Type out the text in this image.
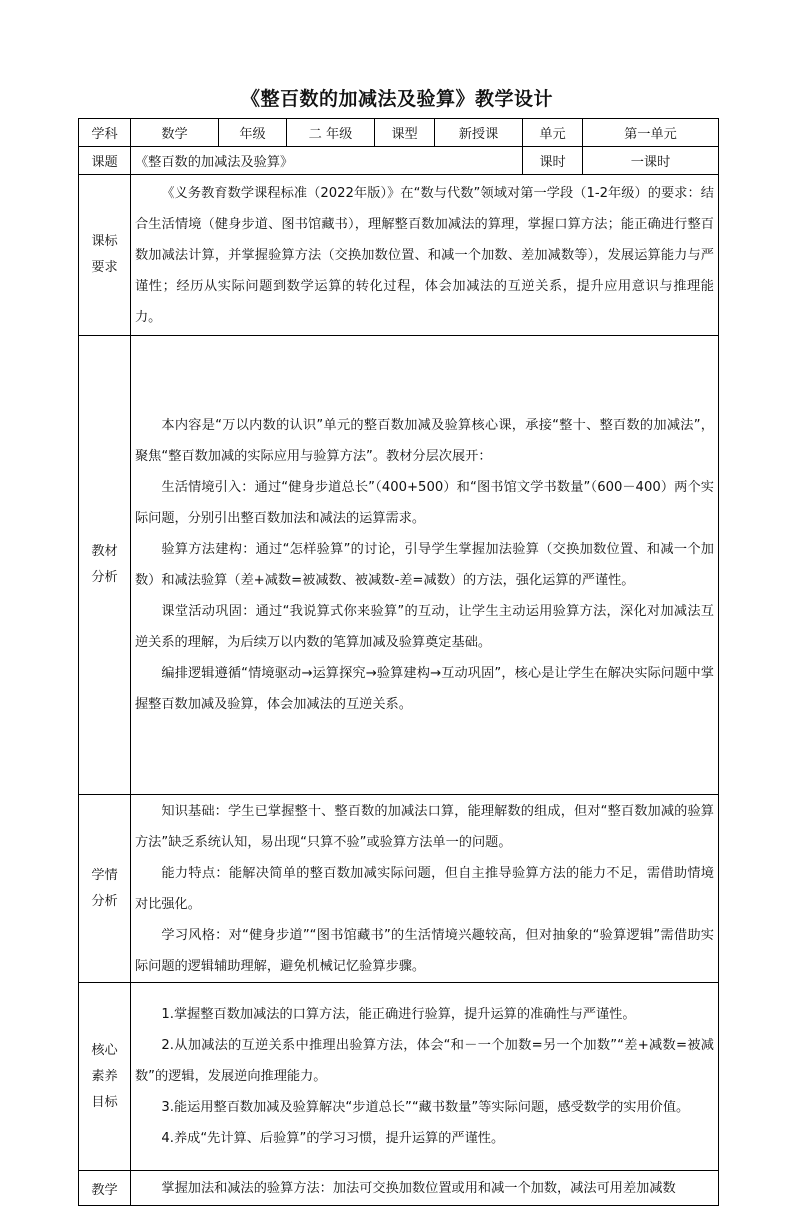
《整百数的加减法及验算》教学设计
学科	数学	年级	二 年级	课型	新授课	单元	第一单元
课题	《整百数的加减法及验算》					课时	一课时

课标要求	《义务教育数学课程标准（2022年版）》在“数与代数”领域对第一学段（1-2年级）的要求：结合生活情境（健身步道、图书馆藏书），理解整百数加减法的算理，掌握口算方法；能正确进行整百数加减法计算，并掌握验算方法（交换加数位置、和减一个加数、差加减数等），发展运算能力与严谨性；经历从实际问题到数学运算的转化过程，体会加减法的互逆关系，提升应用意识与推理能力。						

教材分析	本内容是“万以内数的认识”单元的整百数加减及验算核心课，承接“整十、整百数的加减法”，聚焦“整百数加减的实际应用与验算方法”。教材分层次展开：

生活情境引入：通过“健身步道总长”（400+500）和“图书馆文学书数量”（600－400）两个实际问题，分别引出整百数加法和减法的运算需求。

验算方法建构：通过“怎样验算”的讨论，引导学生掌握加法验算（交换加数位置、和减一个加数）和减法验算（差+减数=被减数、被减数-差=减数）的方法，强化运算的严谨性。

课堂活动巩固：通过“我说算式你来验算”的互动，让学生主动运用验算方法，深化对加减法互逆关系的理解，为后续万以内数的笔算加减及验算奠定基础。

编排逻辑遵循“情境驱动→运算探究→验算建构→互动巩固”，核心是让学生在解决实际问题中掌握整百数加减及验算，体会加减法的互逆关系。						

学情分析	知识基础：学生已掌握整十、整百数的加减法口算，能理解数的组成，但对“整百数加减的验算方法”缺乏系统认知，易出现“只算不验”或验算方法单一的问题。

能力特点：能解决简单的整百数加减实际问题，但自主推导验算方法的能力不足，需借助情境对比强化。

学习风格：对“健身步道”“图书馆藏书”的生活情境兴趣较高，但对抽象的“验算逻辑”需借助实际问题的逻辑辅助理解，避免机械记忆验算步骤。						

核心素养目标	1.掌握整百数加减法的口算方法，能正确进行验算，提升运算的准确性与严谨性。

2.从加减法的互逆关系中推理出验算方法，体会“和－一个加数=另一个加数”“差+减数=被减数”的逻辑，发展逆向推理能力。

3.能运用整百数加减及验算解决“步道总长”“藏书数量”等实际问题，感受数学的实用价值。

4.养成“先计算、后验算”的学习习惯，提升运算的严谨性。						

教学	掌握加法和减法的验算方法：加法可交换加数位置或用和减一个加数，减法可用差加减数						
